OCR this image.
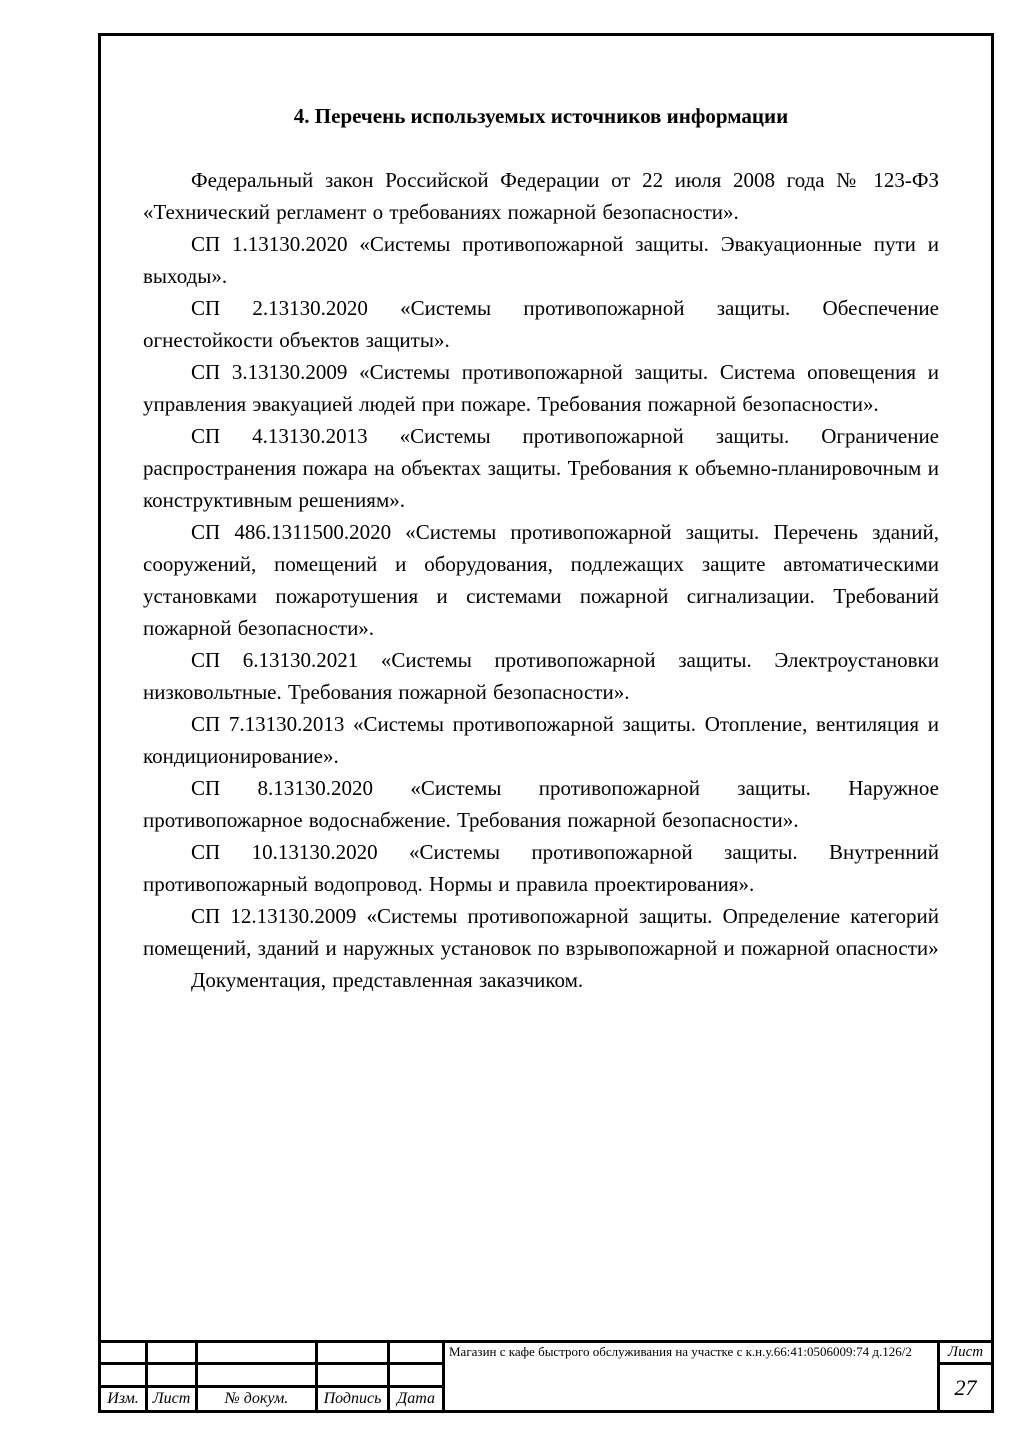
4. Перечень используемых источников информации

Федеральный закон Российской Федерации от 22 июля 2008 года № 123-ФЗ «Технический регламент о требованиях пожарной безопасности».

СП 1.13130.2020 «Системы противопожарной защиты. Эвакуационные пути и выходы».

СП 2.13130.2020 «Системы противопожарной защиты. Обеспечение огнестойкости объектов защиты».

СП 3.13130.2009 «Системы противопожарной защиты. Система оповещения и управления эвакуацией людей при пожаре. Требования пожарной безопасности».

СП 4.13130.2013 «Системы противопожарной защиты. Ограничение распространения пожара на объектах защиты. Требования к объемно-планировочным и конструктивным решениям».

СП 486.1311500.2020 «Системы противопожарной защиты. Перечень зданий, сооружений, помещений и оборудования, подлежащих защите автоматическими установками пожаротушения и системами пожарной сигнализации. Требований пожарной безопасности».

СП 6.13130.2021 «Системы противопожарной защиты. Электроустановки низковольтные. Требования пожарной безопасности».

СП 7.13130.2013 «Системы противопожарной защиты. Отопление, вентиляция и кондиционирование».

СП 8.13130.2020 «Системы противопожарной защиты. Наружное противопожарное водоснабжение. Требования пожарной безопасности».

СП 10.13130.2020 «Системы противопожарной защиты. Внутренний противопожарный водопровод. Нормы и правила проектирования».

СП 12.13130.2009 «Системы противопожарной защиты. Определение категорий помещений, зданий и наружных установок по взрывопожарной и пожарной опасности»

Документация, представленная заказчиком.

Изм. Лист	№ докум.	Подпись Дата
Магазин с кафе быстрого обслуживания на участке с к.н.у.66:41:0506009:74 д.126/2	Лист
27
